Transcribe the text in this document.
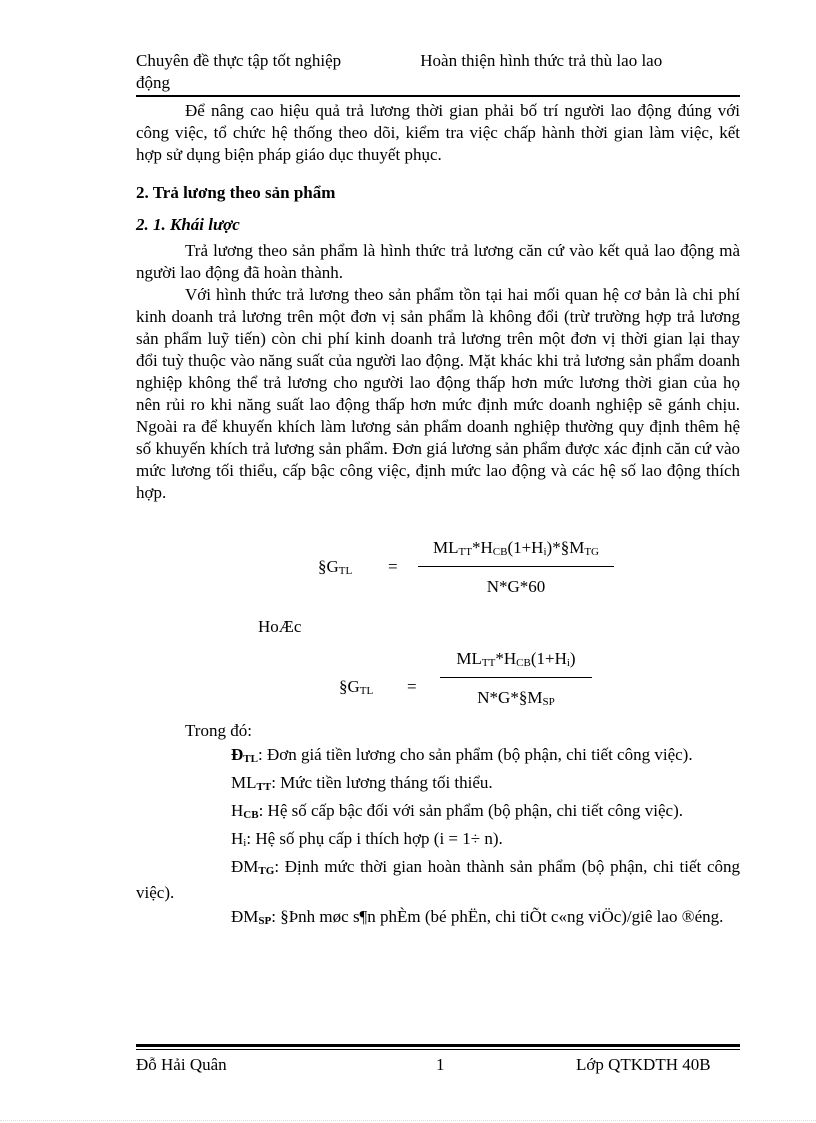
Chuyên đề thực tập tốt nghiệp	Hoàn thiện hình thức trả thù lao lao
động

Để nâng cao hiệu quả trả lương thời gian phải bố trí người lao động đúng với công việc, tổ chức hệ thống theo dõi, kiểm tra việc chấp hành thời gian làm việc, kết hợp sử dụng biện pháp giáo dục thuyết phục.

2. Trả lương theo sản phẩm

2. 1. Khái lược

Trả lương theo sản phẩm là hình thức trả lương căn cứ vào kết quả lao động mà người lao động đã hoàn thành.

Với hình thức trả lương theo sản phẩm tồn tại hai mối quan hệ cơ bản là chi phí kinh doanh trả lương trên một đơn vị sản phẩm là không đổi (trừ trường hợp trả lương sản phẩm luỹ tiến) còn chi phí kinh doanh trả lương trên một đơn vị thời gian lại thay đổi tuỳ thuộc vào năng suất của người lao động. Mặt khác khi trả lương sản phẩm doanh nghiệp không thể trả lương cho người lao động thấp hơn mức lương thời gian của họ nên rủi ro khi năng suất lao động thấp hơn mức định mức doanh nghiệp sẽ gánh chịu. Ngoài ra để khuyến khích làm lương sản phẩm doanh nghiệp thường quy định thêm hệ số khuyến khích trả lương sản phẩm. Đơn giá lương sản phẩm được xác định căn cứ vào mức lương tối thiểu, cấp bậc công việc, định mức lao động và các hệ số lao động thích hợp.

$\S G_{TL}$ =
$ML_{TT}*H_{CB}(1+H_i)*\S M_{TG}$
N*G*60
HoÆc
$\S G_{TL}$ =
$ML_{TT}*H_{CB}(1+H_i)$
$N*G*\S M_{SP}$

Trong đó:

$Đ_{TL}$: Đơn giá tiền lương cho sản phẩm (bộ phận, chi tiết công việc).

$ML_{TT}$: Mức tiền lương tháng tối thiểu.

$H_{CB}$: Hệ số cấp bậc đối với sản phẩm (bộ phận, chi tiết công việc).

$H_i$: Hệ số phụ cấp i thích hợp (i = 1÷ n).

$ĐM_{TG}$: Định mức thời gian hoàn thành sản phẩm (bộ phận, chi tiết công việc).

$ĐM_{SP}$: §Þnh møc s¶n phÈm (bé phËn, chi tiÕt c«ng viÖc)/giê lao ®éng.

Đỗ Hải Quân	1	Lớp QTKDTH 40B
